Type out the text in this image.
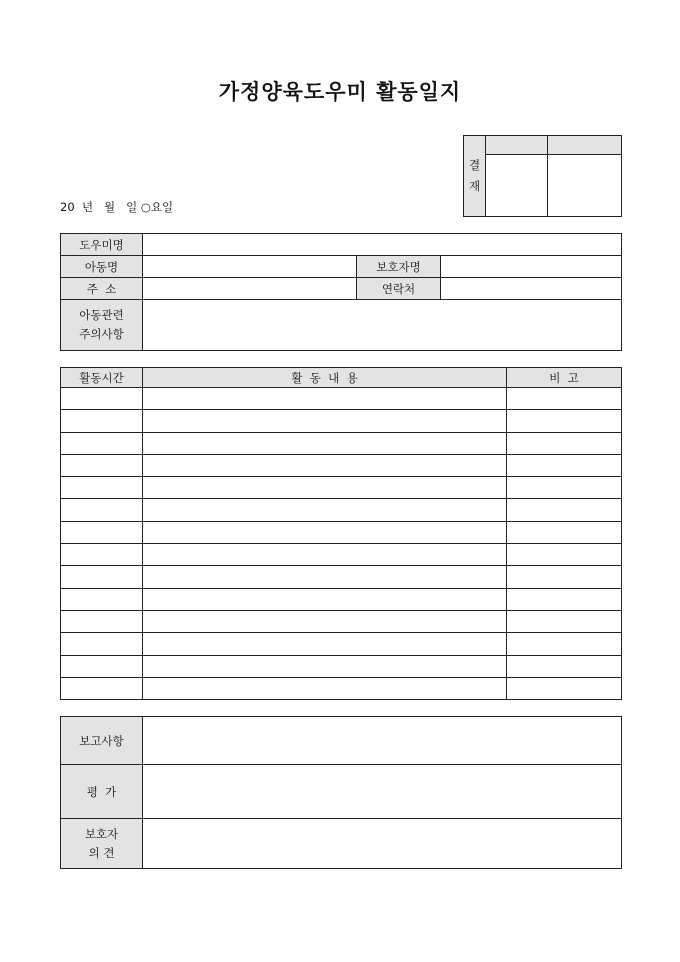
가정양육도우미 활동일지
20  년   월   일 ○요일
결
재		

도우미명			
아동명		보호자명	
주  소		연락처	
아동관련
주의사항			
활동시간	활  동  내  용	비  고

보고사항	
평  가	
보호자
의 견	
